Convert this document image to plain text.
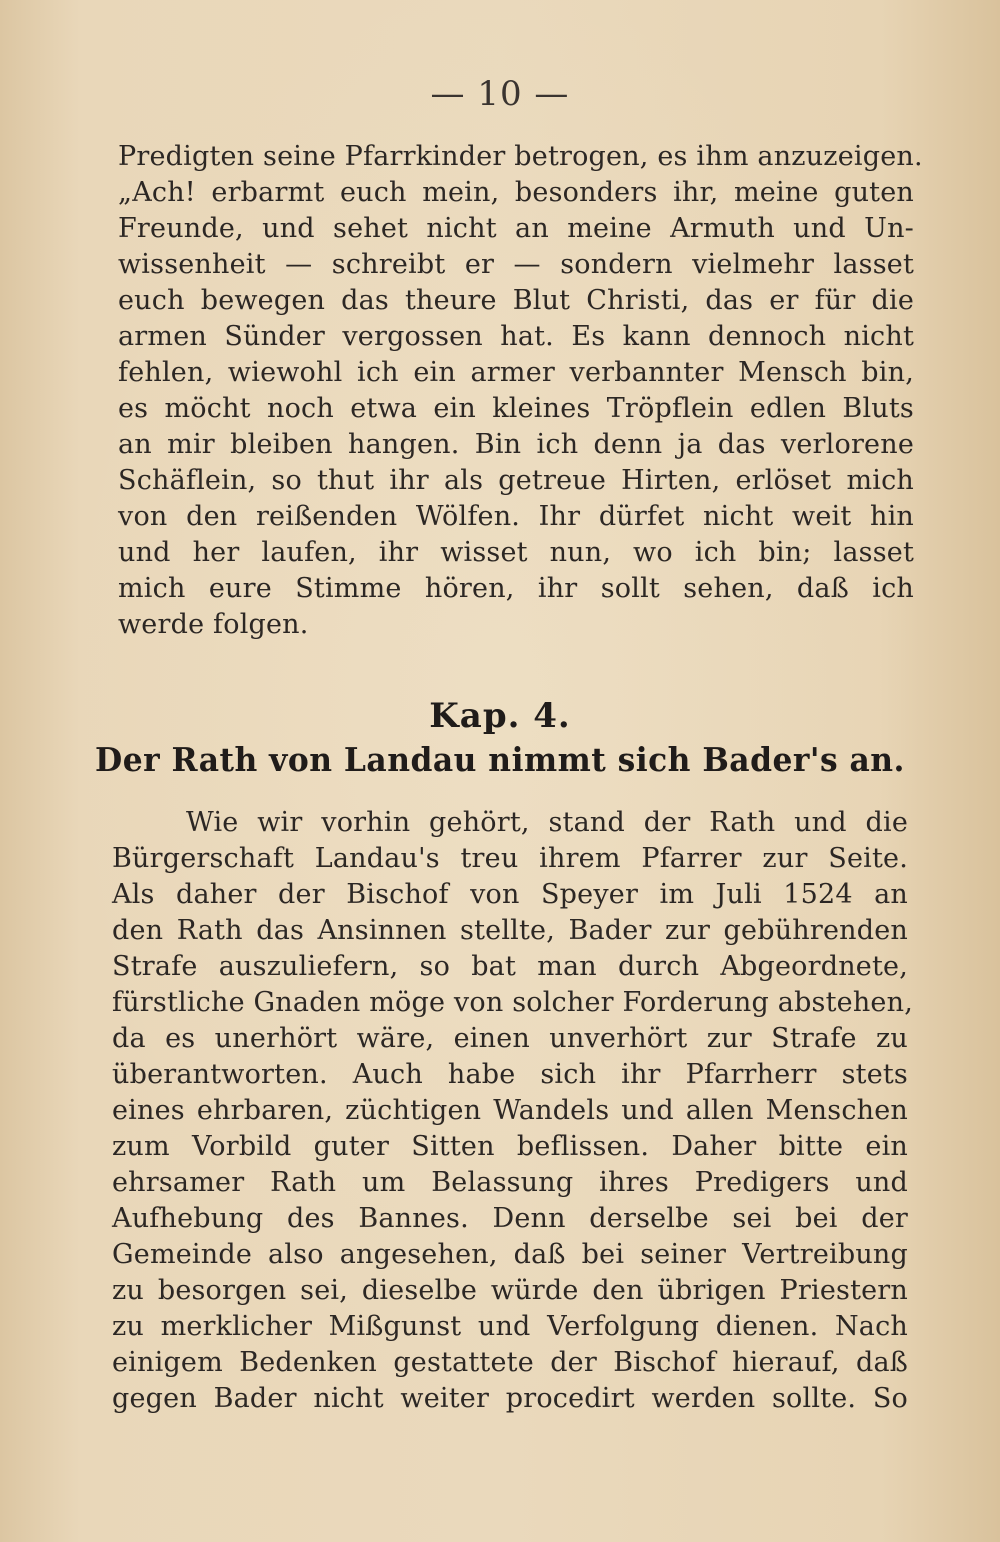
— 10 —
Predigten seine Pfarrkinder betrogen, es ihm anzuzeigen.
„Ach! erbarmt euch mein, besonders ihr, meine guten
Freunde, und sehet nicht an meine Armuth und Un-
wissenheit — schreibt er — sondern vielmehr lasset
euch bewegen das theure Blut Christi, das er für die
armen Sünder vergossen hat. Es kann dennoch nicht
fehlen, wiewohl ich ein armer verbannter Mensch bin,
es möcht noch etwa ein kleines Tröpflein edlen Bluts
an mir bleiben hangen. Bin ich denn ja das verlorene
Schäflein, so thut ihr als getreue Hirten, erlöset mich
von den reißenden Wölfen. Ihr dürfet nicht weit hin
und her laufen, ihr wisset nun, wo ich bin; lasset
mich eure Stimme hören, ihr sollt sehen, daß ich
werde folgen.
Kap. 4.
Der Rath von Landau nimmt sich Bader's an.
Wie wir vorhin gehört, stand der Rath und die
Bürgerschaft Landau's treu ihrem Pfarrer zur Seite.
Als daher der Bischof von Speyer im Juli 1524 an
den Rath das Ansinnen stellte, Bader zur gebührenden
Strafe auszuliefern, so bat man durch Abgeordnete,
fürstliche Gnaden möge von solcher Forderung abstehen,
da es unerhört wäre, einen unverhört zur Strafe zu
überantworten. Auch habe sich ihr Pfarrherr stets
eines ehrbaren, züchtigen Wandels und allen Menschen
zum Vorbild guter Sitten beflissen. Daher bitte ein
ehrsamer Rath um Belassung ihres Predigers und
Aufhebung des Bannes. Denn derselbe sei bei der
Gemeinde also angesehen, daß bei seiner Vertreibung
zu besorgen sei, dieselbe würde den übrigen Priestern
zu merklicher Mißgunst und Verfolgung dienen. Nach
einigem Bedenken gestattete der Bischof hierauf, daß
gegen Bader nicht weiter procedirt werden sollte. So
